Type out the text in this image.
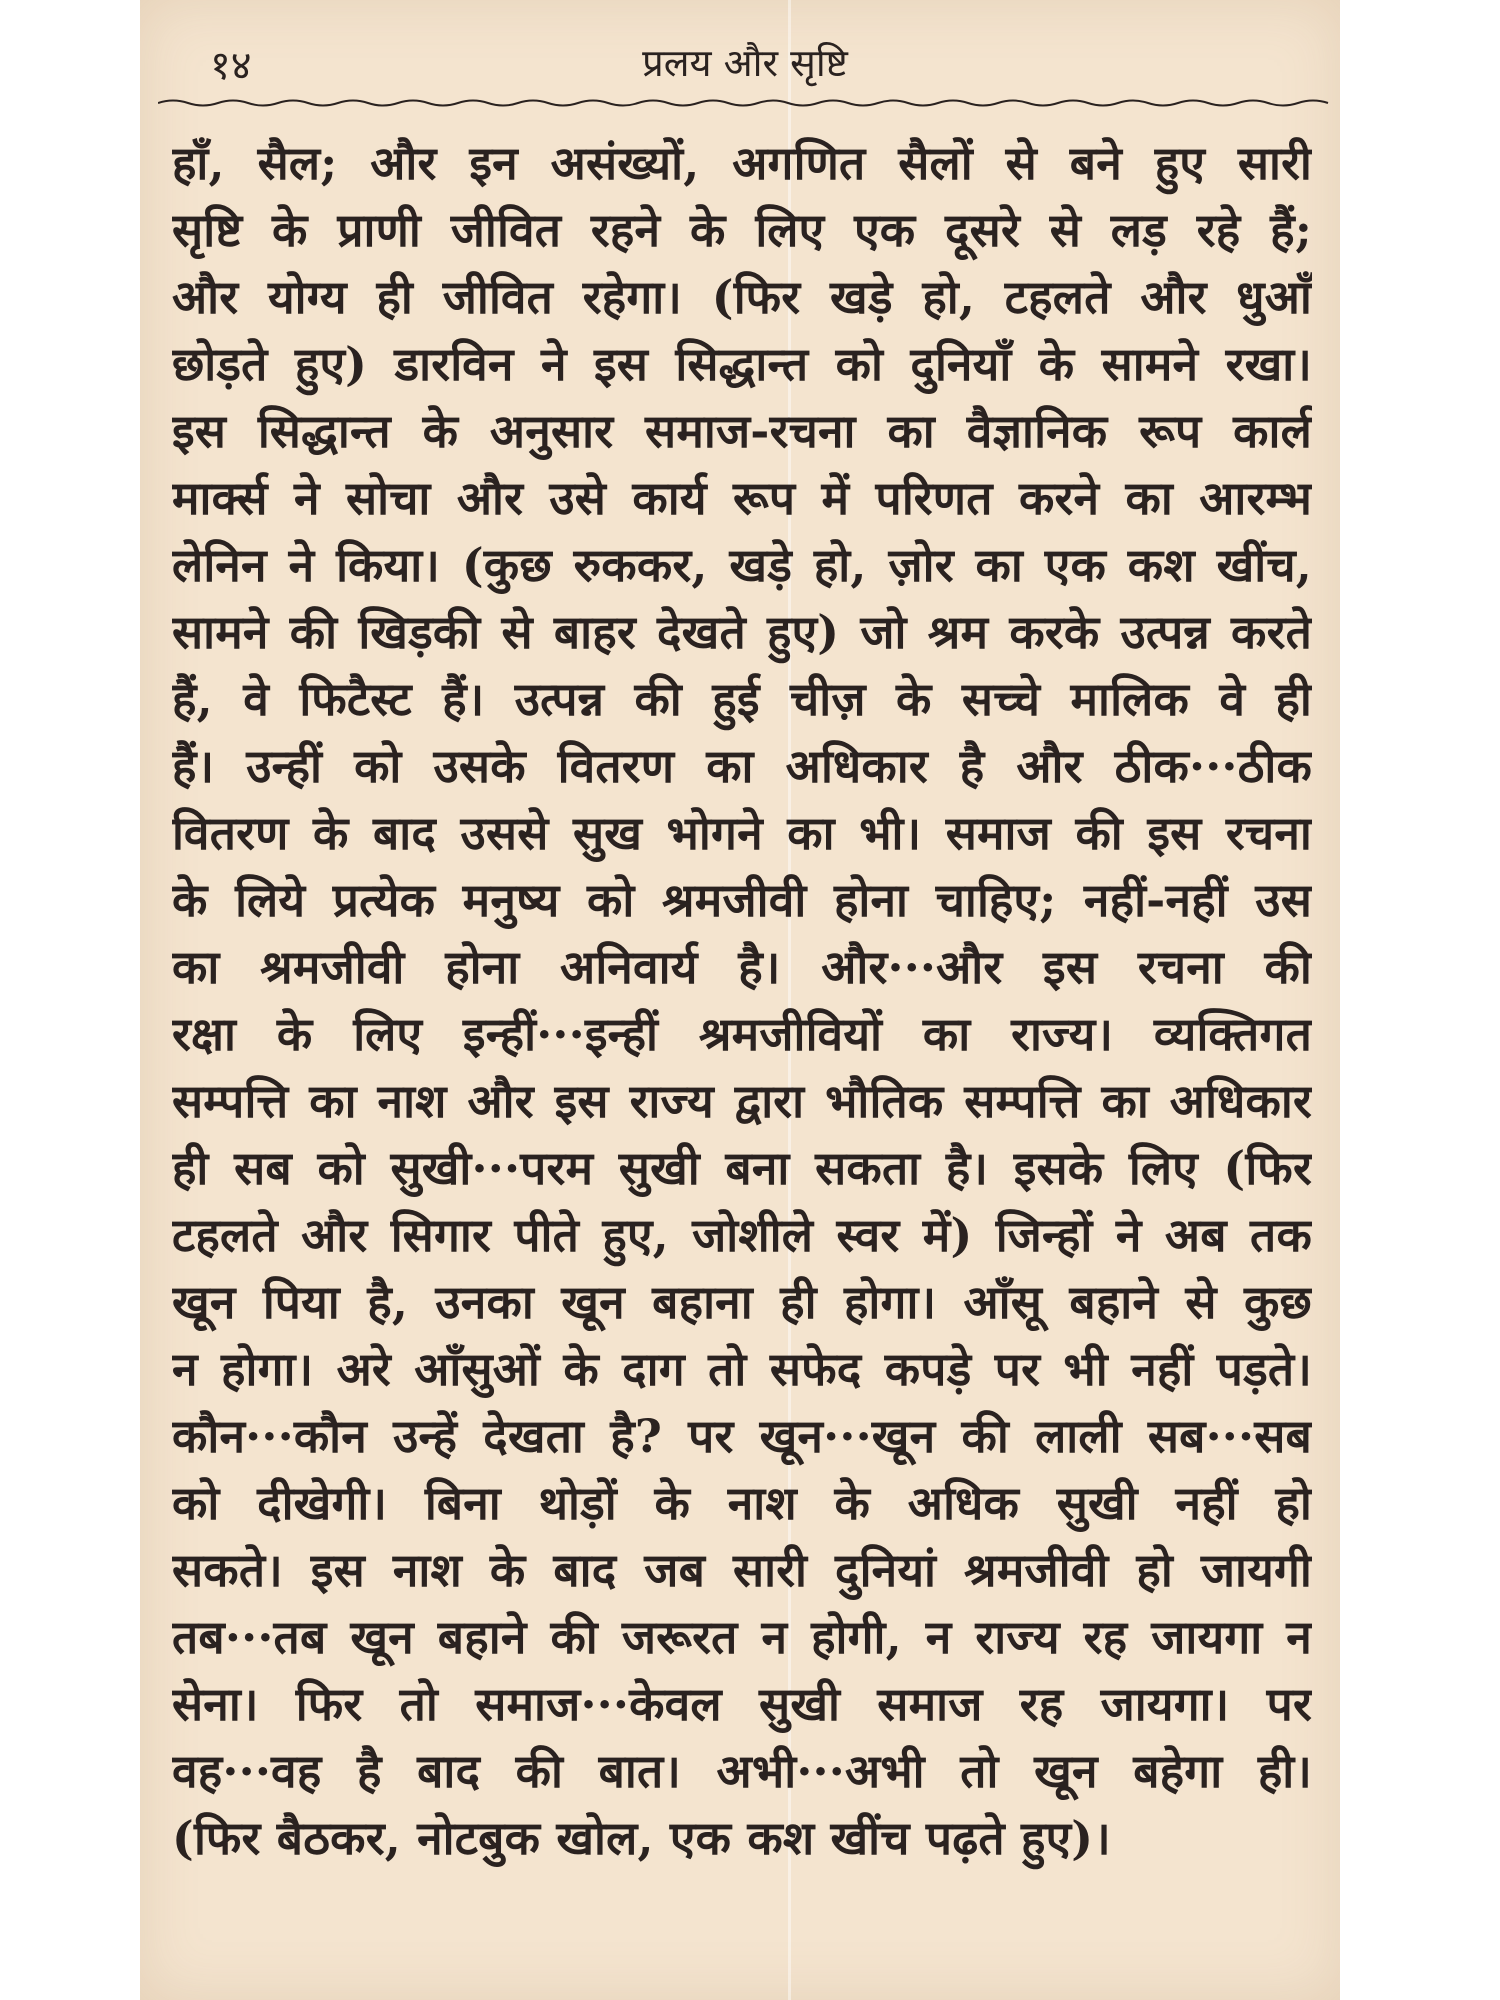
१४	प्रलय और सृष्टि
हाँ, सैल; और इन असंख्यों, अगणित सैलों से बने हुए सारी
सृष्टि के प्राणी जीवित रहने के लिए एक दूसरे से लड़ रहे हैं;
और योग्य ही जीवित रहेगा। (फिर खड़े हो, टहलते और धुआँ
छोड़ते हुए) डारविन ने इस सिद्धान्त को दुनियाँ के सामने रखा।
इस सिद्धान्त के अनुसार समाज-रचना का वैज्ञानिक रूप कार्ल
मार्क्स ने सोचा और उसे कार्य रूप में परिणत करने का आरम्भ
लेनिन ने किया। (कुछ रुककर, खड़े हो, ज़ोर का एक कश खींच,
सामने की खिड़की से बाहर देखते हुए) जो श्रम करके उत्पन्न करते
हैं, वे फिटैस्ट हैं। उत्पन्न की हुई चीज़ के सच्चे मालिक वे ही
हैं। उन्हीं को उसके वितरण का अधिकार है और ठीक···ठीक
वितरण के बाद उससे सुख भोगने का भी। समाज की इस रचना
के लिये प्रत्येक मनुष्य को श्रमजीवी होना चाहिए; नहीं-नहीं उस
का श्रमजीवी होना अनिवार्य है। और···और इस रचना की
रक्षा के लिए इन्हीं···इन्हीं श्रमजीवियों का राज्य। व्यक्तिगत
सम्पत्ति का नाश और इस राज्य द्वारा भौतिक सम्पत्ति का अधिकार
ही सब को सुखी···परम सुखी बना सकता है। इसके लिए (फिर
टहलते और सिगार पीते हुए, जोशीले स्वर में) जिन्हों ने अब तक
खून पिया है, उनका खून बहाना ही होगा। आँसू बहाने से कुछ
न होगा। अरे आँसुओं के दाग तो सफेद कपड़े पर भी नहीं पड़ते।
कौन···कौन उन्हें देखता है? पर खून···खून की लाली सब···सब
को दीखेगी। बिना थोड़ों के नाश के अधिक सुखी नहीं हो
सकते। इस नाश के बाद जब सारी दुनियां श्रमजीवी हो जायगी
तब···तब खून बहाने की जरूरत न होगी, न राज्य रह जायगा न
सेना। फिर तो समाज···केवल सुखी समाज रह जायगा। पर
वह···वह है बाद की बात। अभी···अभी तो खून बहेगा ही।
(फिर बैठकर, नोटबुक खोल, एक कश खींच पढ़ते हुए)।
